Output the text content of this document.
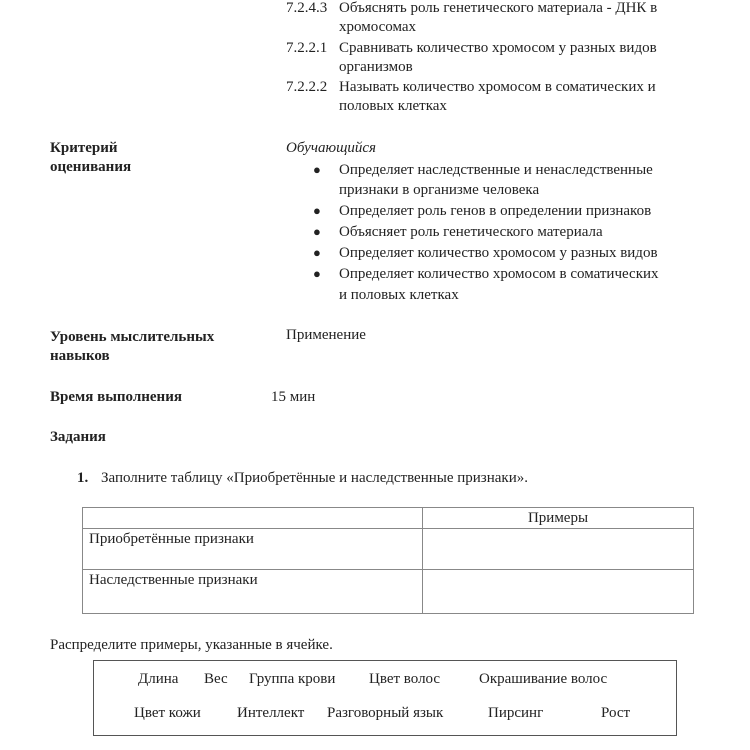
7.2.4.3 Объяснять роль генетического материала - ДНК в
хромосомах
7.2.2.1 Сравнивать количество хромосом у разных видов
организмов
7.2.2.2 Называть количество хромосом в соматических и
половых клетках
Критерий
оценивания
Обучающийся
● Определяет наследственные и ненаследственные
признаки в организме человека
● Определяет роль генов в определении признаков
● Объясняет роль генетического материала
● Определяет количество хромосом у разных видов
● Определяет количество хромосом в соматических
и половых клетках
Уровень мыслительных
навыков
Применение
Время выполнения	15 мин
Задания
1. Заполните таблицу «Приобретённые и наследственные признаки».
	Примеры
Приобретённые признаки	
Наследственные признаки	
Распределите примеры, указанные в ячейке.
Длина Вес Группа крови Цвет волос	Окрашивание волос
Цвет кожи Интеллект Разговорный язык	Пирсинг	Рост
